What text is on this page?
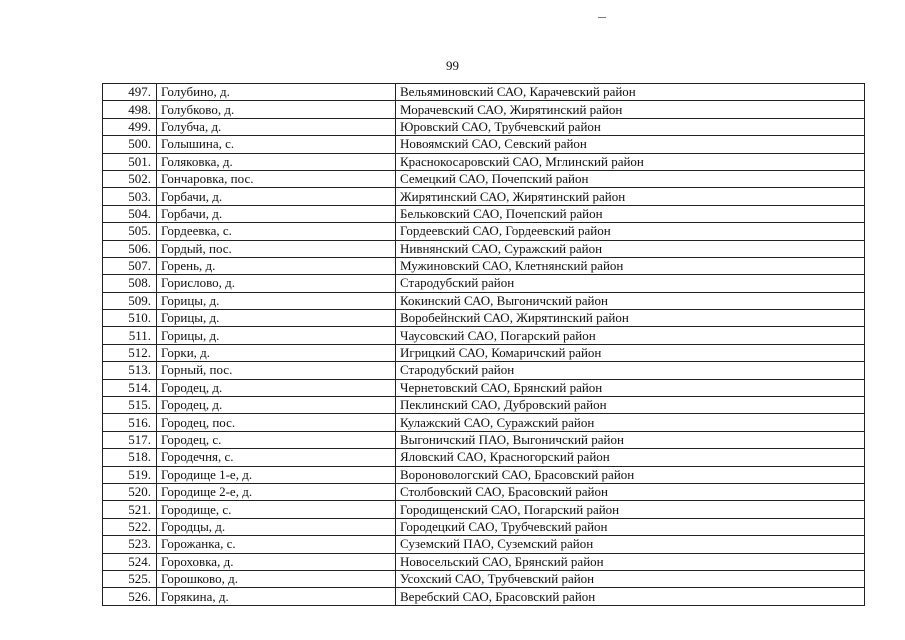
99
497.	Голубино, д.	Вельяминовский САО, Карачевский район
498.	Голубково, д.	Морачевский САО, Жирятинский район
499.	Голубча, д.	Юровский САО, Трубчевский район
500.	Голышина, с.	Новоямский САО, Севский район
501.	Голяковка, д.	Краснокосаровский САО, Мглинский район
502.	Гончаровка, пос.	Семецкий САО, Почепский район
503.	Горбачи, д.	Жирятинский САО, Жирятинский район
504.	Горбачи, д.	Бельковский САО, Почепский район
505.	Гордеевка, с.	Гордеевский САО, Гордеевский район
506.	Гордый, пос.	Нивнянский САО, Суражский район
507.	Горень, д.	Мужиновский САО, Клетнянский район
508.	Горислово, д.	Стародубский район
509.	Горицы, д.	Кокинский САО, Выгоничский район
510.	Горицы, д.	Воробейнский САО, Жирятинский район
511.	Горицы, д.	Чаусовский САО, Погарский район
512.	Горки, д.	Игрицкий САО, Комаричский район
513.	Горный, пос.	Стародубский район
514.	Городец, д.	Чернетовский САО, Брянский район
515.	Городец, д.	Пеклинский САО, Дубровский район
516.	Городец, пос.	Кулажский САО, Суражский район
517.	Городец, с.	Выгоничский ПАО, Выгоничский район
518.	Городечня, с.	Яловский САО, Красногорский район
519.	Городище 1-е, д.	Вороновологский САО, Брасовский район
520.	Городище 2-е, д.	Столбовский САО, Брасовский район
521.	Городище, с.	Городищенский САО, Погарский район
522.	Городцы, д.	Городецкий САО, Трубчевский район
523.	Горожанка, с.	Суземский ПАО, Суземский район
524.	Гороховка, д.	Новосельский САО, Брянский район
525.	Горошково, д.	Усохский САО, Трубчевский район
526.	Горякина, д.	Веребский САО, Брасовский район
